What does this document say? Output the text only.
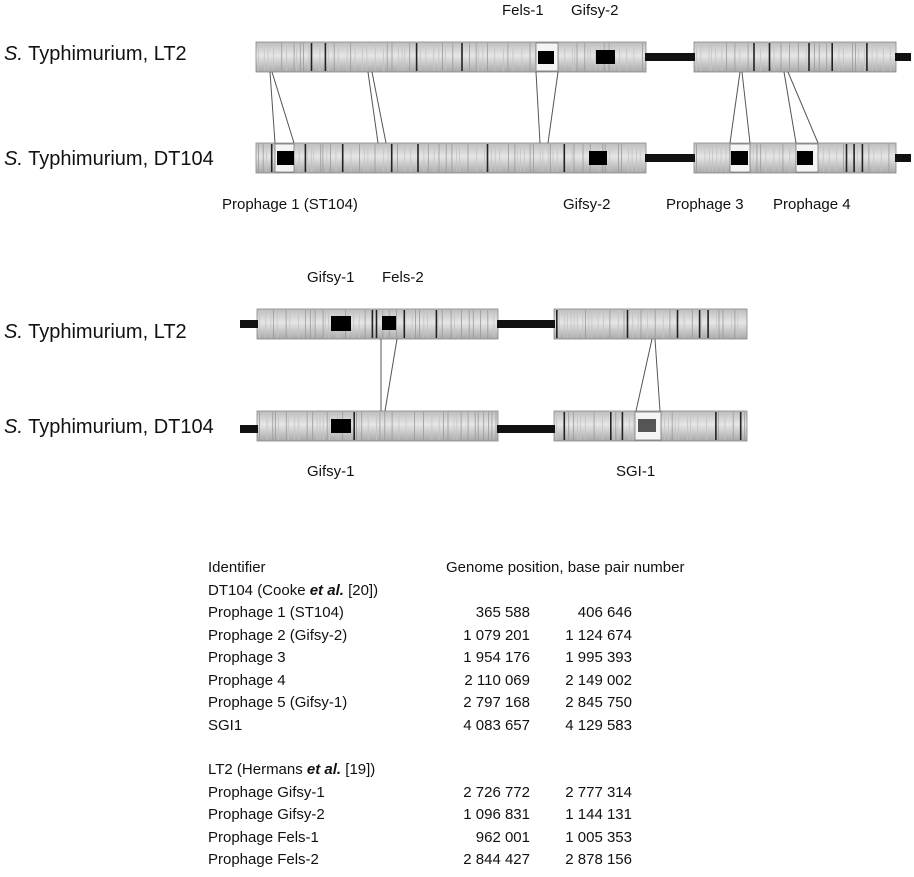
S. Typhimurium, LT2
S. Typhimurium, DT104
Fels-1 Gifsy-2
Prophage 1 (ST104)	Gifsy-2	Prophage 3 Prophage 4
S. Typhimurium, LT2
S. Typhimurium, DT104
Gifsy-1 Fels-2
Gifsy-1	SGI-1
Identifier	Genome position, base pair number
DT104 (Cooke et al. [20])
Prophage 1 (ST104)	365 588	406 646
Prophage 2 (Gifsy-2)	1 079 201	1 124 674
Prophage 3	1 954 176	1 995 393
Prophage 4	2 110 069	2 149 002
Prophage 5 (Gifsy-1)	2 797 168	2 845 750
SGI1	4 083 657	4 129 583
LT2 (Hermans et al. [19])
Prophage Gifsy-1	2 726 772	2 777 314
Prophage Gifsy-2	1 096 831	1 144 131
Prophage Fels-1	962 001	1 005 353
Prophage Fels-2	2 844 427	2 878 156
